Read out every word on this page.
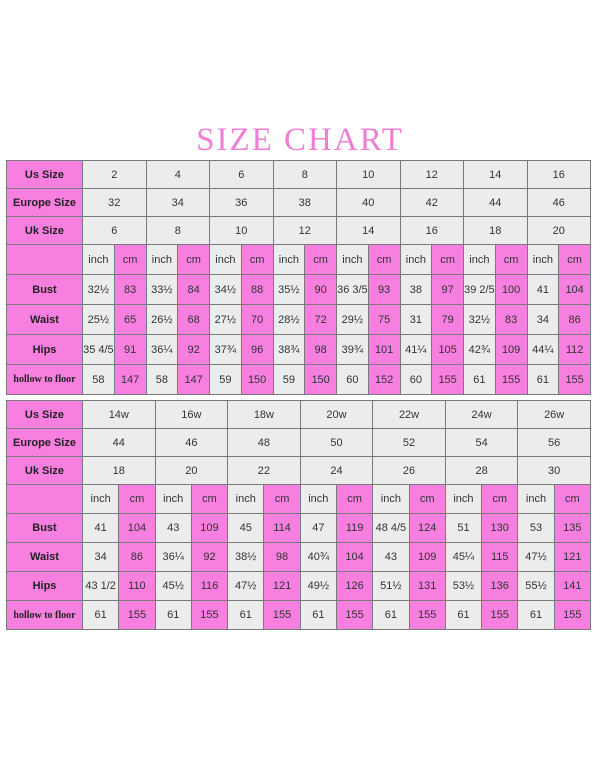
SIZE CHART
Us Size	2		4		6		8		10		12		14		16	
Europe Size	32		34		36		38		40		42		44		46	
Uk Size	6		8		10		12		14		16		18		20	
	inch	cm	inch	cm	inch	cm	inch	cm	inch	cm	inch	cm	inch	cm	inch	cm
Bust	32½	83	33½	84	34½	88	35½	90	36 3/5	93	38	97	39 2/5	100	41	104
Waist	25½	65	26½	68	27½	70	28½	72	29½	75	31	79	32½	83	34	86
Hips	35 4/5	91	36¼	92	37¾	96	38¾	98	39¾	101	41¼	105	42¾	109	44¼	112
hollow to floor	58	147	58	147	59	150	59	150	60	152	60	155	61	155	61	155
Us Size	14w		16w		18w		20w		22w		24w		26w	
Europe Size	44		46		48		50		52		54		56	
Uk Size	18		20		22		24		26		28		30	
	inch	cm	inch	cm	inch	cm	inch	cm	inch	cm	inch	cm	inch	cm
Bust	41	104	43	109	45	114	47	119	48 4/5	124	51	130	53	135
Waist	34	86	36¼	92	38½	98	40¾	104	43	109	45¼	115	47½	121
Hips	43 1/2	110	45½	116	47½	121	49½	126	51½	131	53½	136	55½	141
hollow to floor	61	155	61	155	61	155	61	155	61	155	61	155	61	155
